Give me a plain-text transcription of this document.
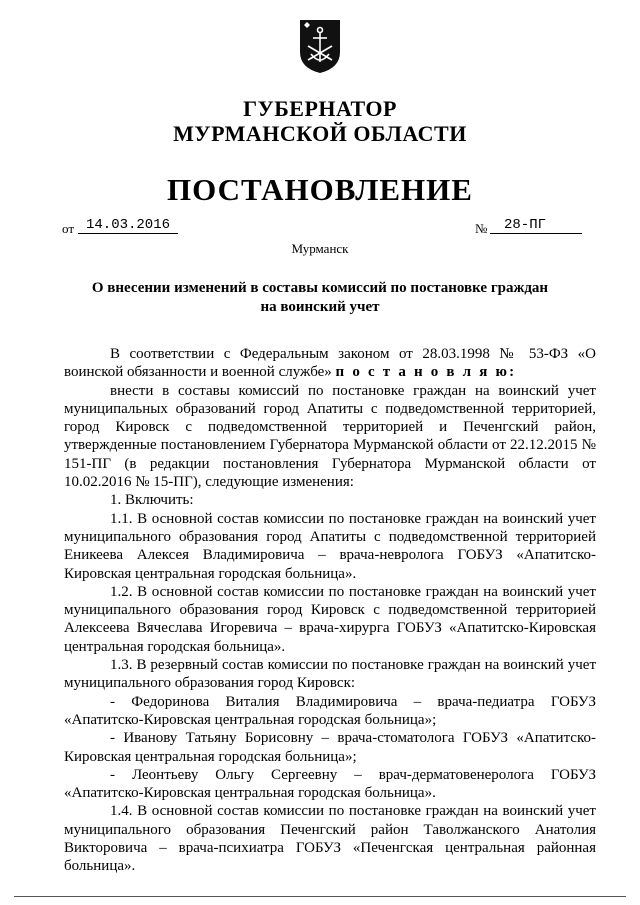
ГУБЕРНАТОР
МУРМАНСКОЙ ОБЛАСТИ
ПОСТАНОВЛЕНИЕ
от 14.03.2016	№ 28-ПГ
Мурманск
О внесении изменений в составы комиссий по постановке граждан на воинский учет

В соответствии с Федеральным законом от 28.03.1998 № 53-ФЗ «О воинской обязанности и военной службе» п о с т а н о в л я ю:

внести в составы комиссий по постановке граждан на воинский учет муниципальных образований город Апатиты с подведомственной территорией, город Кировск с подведомственной территорией и Печенгский район, утвержденные постановлением Губернатора Мурманской области от 22.12.2015 № 151-ПГ (в редакции постановления Губернатора Мурманской области от 10.02.2016 № 15-ПГ), следующие изменения:

1. Включить:

1.1. В основной состав комиссии по постановке граждан на воинский учет муниципального образования город Апатиты с подведомственной территорией Еникеева Алексея Владимировича – врача-невролога ГОБУЗ «Апатитско-Кировская центральная городская больница».

1.2. В основной состав комиссии по постановке граждан на воинский учет муниципального образования город Кировск с подведомственной территорией Алексеева Вячеслава Игоревича – врача-хирурга ГОБУЗ «Апатитско-Кировская центральная городская больница».

1.3. В резервный состав комиссии по постановке граждан на воинский учет муниципального образования город Кировск:

- Федоринова Виталия Владимировича – врача-педиатра ГОБУЗ «Апатитско-Кировская центральная городская больница»;

- Иванову Татьяну Борисовну – врача-стоматолога ГОБУЗ «Апатитско-Кировская центральная городская больница»;

- Леонтьеву Ольгу Сергеевну – врач-дерматовенеролога ГОБУЗ «Апатитско-Кировская центральная городская больница».

1.4. В основной состав комиссии по постановке граждан на воинский учет муниципального образования Печенгский район Таволжанского Анатолия Викторовича – врача-психиатра ГОБУЗ «Печенгская центральная районная больница».
